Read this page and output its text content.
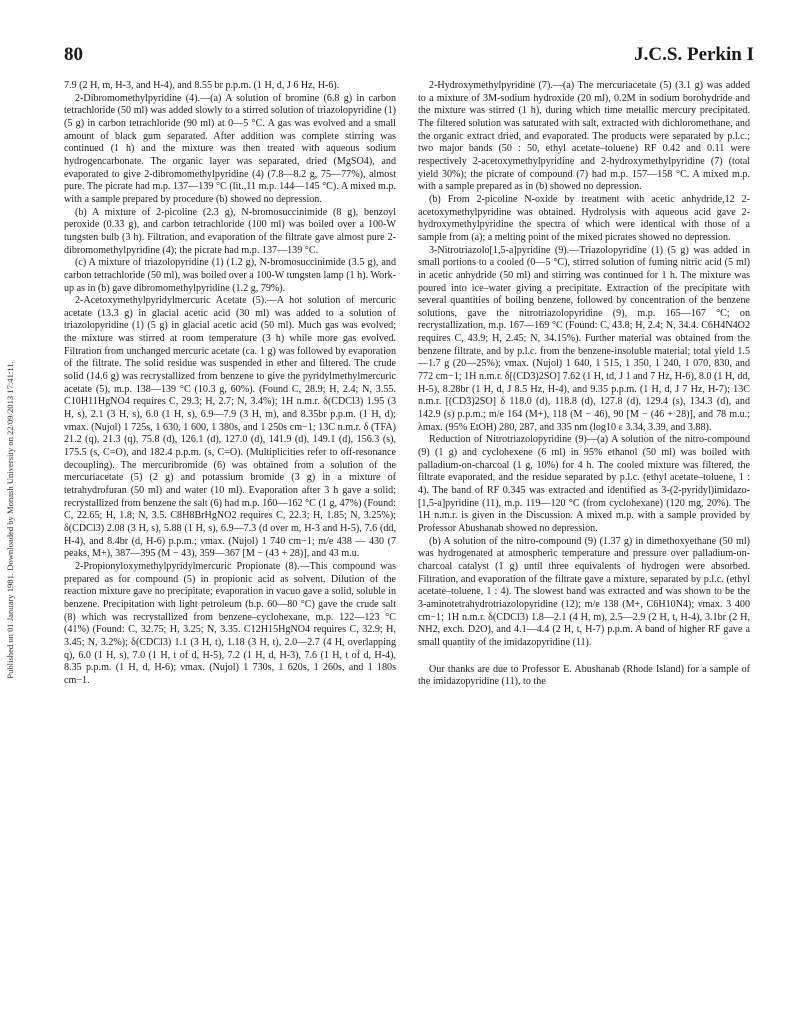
Published on 01 January 1981. Downloaded by Monash University on 22/09/2013 17:41:11.
80	J.C.S. Perkin I

7.9 (2 H, m, H-3, and H-4), and 8.55 br p.p.m. (1 H, d, J 6 Hz, H-6).

2-Dibromomethylpyridine (4).—(a) A solution of bromine (6.8 g) in carbon tetrachloride (50 ml) was added slowly to a stirred solution of triazolopyridine (1) (5 g) in carbon tetrachloride (90 ml) at 0—5 °C. A gas was evolved and a small amount of black gum separated. After addition was complete stirring was continued (1 h) and the mixture was then treated with aqueous sodium hydrogencarbonate. The organic layer was separated, dried (MgSO4), and evaporated to give 2-dibromomethylpyridine (4) (7.8—8.2 g, 75—77%), almost pure. The picrate had m.p. 137—139 °C (lit.,11 m.p. 144—145 °C). A mixed m.p. with a sample prepared by procedure (b) showed no depression.

(b) A mixture of 2-picoline (2.3 g), N-bromosuccinimide (8 g), benzoyl peroxide (0.33 g), and carbon tetrachloride (100 ml) was boiled over a 100-W tungsten bulb (3 h). Filtration, and evaporation of the filtrate gave almost pure 2-dibromomethylpyridine (4); the picrate had m.p. 137—139 °C.

(c) A mixture of triazolopyridine (1) (1.2 g), N-bromosuccinimide (3.5 g), and carbon tetrachloride (50 ml), was boiled over a 100-W tungsten lamp (1 h). Work-up as in (b) gave dibromomethylpyridine (1.2 g, 79%).

2-Acetoxymethylpyridylmercuric Acetate (5).—A hot solution of mercuric acetate (13.3 g) in glacial acetic acid (30 ml) was added to a solution of triazolopyridine (1) (5 g) in glacial acetic acid (50 ml). Much gas was evolved; the mixture was stirred at room temperature (3 h) while more gas evolved. Filtration from unchanged mercuric acetate (ca. 1 g) was followed by evaporation of the filtrate. The solid residue was suspended in ether and filtered. The crude solid (14.6 g) was recrystallized from benzene to give the pyridylmethylmercuric acetate (5), m.p. 138—139 °C (10.3 g, 60%). (Found C, 28.9; H, 2.4; N, 3.55. C10H11HgNO4 requires C, 29.3; H, 2.7; N, 3.4%); 1H n.m.r. δ(CDCl3) 1.95 (3 H, s), 2.1 (3 H, s), 6.0 (1 H, s), 6.9—7.9 (3 H, m), and 8.35br p.p.m. (1 H, d); νmax. (Nujol) 1 725s, 1 630, 1 600, 1 380s, and 1 250s cm−1; 13C n.m.r. δ (TFA) 21.2 (q), 21.3 (q), 75.8 (d), 126.1 (d), 127.0 (d), 141.9 (d), 149.1 (d), 156.3 (s), 175.5 (s, C=O), and 182.4 p.p.m. (s, C=O). (Multiplicities refer to off-resonance decoupling). The mercuribromide (6) was obtained from a solution of the mercuriacetate (5) (2 g) and potassium bromide (3 g) in a mixture of tetrahydrofuran (50 ml) and water (10 ml). Evaporation after 3 h gave a solid; recrystallized from benzene the salt (6) had m.p. 160—162 °C (1 g, 47%) (Found: C, 22.65; H, 1.8; N, 3.5. C8H8BrHgNO2 requires C, 22.3; H, 1.85; N, 3.25%); δ(CDCl3) 2.08 (3 H, s), 5.88 (1 H, s), 6.9—7.3 (d over m, H-3 and H-5), 7.6 (dd, H-4), and 8.4br (d, H-6) p.p.m.; νmax. (Nujol) 1 740 cm−1; m/e 438 — 430 (7 peaks, M+), 387—395 (M − 43), 359—367 [M − (43 + 28)], and 43 m.u.

2-Propionyloxymethylpyridylmercuric Propionate (8).—This compound was prepared as for compound (5) in propionic acid as solvent. Dilution of the reaction mixture gave no precipitate; evaporation in vacuo gave a solid, soluble in benzene. Precipitation with light petroleum (b.p. 60—80 °C) gave the crude salt (8) which was recrystallized from benzene–cyclohexane, m.p. 122—123 °C (41%) (Found: C, 32.75; H, 3.25; N, 3.35. C12H15HgNO4 requires C, 32.9; H, 3.45; N, 3.2%); δ(CDCl3) 1.1 (3 H, t), 1.18 (3 H, t), 2.0—2.7 (4 H, overlapping q), 6.0 (1 H, s), 7.0 (1 H, t of d, H-5), 7.2 (1 H, d, H-3), 7.6 (1 H, t of d, H-4), 8.35 p.p.m. (1 H, d, H-6); νmax. (Nujol) 1 730s, 1 620s, 1 260s, and 1 180s cm−1.

2-Hydroxymethylpyridine (7).—(a) The mercuriacetate (5) (3.1 g) was added to a mixture of 3M-sodium hydroxide (20 ml), 0.2M in sodium borohydride and the mixture was stirred (1 h), during which time metallic mercury precipitated. The filtered solution was saturated with salt, extracted with dichloromethane, and the organic extract dried, and evaporated. The products were separated by p.l.c.; two major bands (50 : 50, ethyl acetate–toluene) RF 0.42 and 0.11 were respectively 2-acetoxymethylpyridine and 2-hydroxymethylpyridine (7) (total yield 30%); the picrate of compound (7) had m.p. 157—158 °C. A mixed m.p. with a sample prepared as in (b) showed no depression.

(b) From 2-picoline N-oxide by treatment with acetic anhydride,12 2-acetoxymethylpyridine was obtained. Hydrolysis with aqueous acid gave 2-hydroxymethylpyridine the spectra of which were identical with those of a sample from (a); a melting point of the mixed picrates showed no depression.

3-Nitrotriazolo[1,5-a]pyridine (9).—Triazolopyridine (1) (5 g) was added in small portions to a cooled (0—5 °C), stirred solution of fuming nitric acid (5 ml) in acetic anhydride (50 ml) and stirring was continued for 1 h. The mixture was poured into ice–water giving a precipitate. Extraction of the precipitate with several quantities of boiling benzene, followed by concentration of the benzene solutions, gave the nitrotriazolopyridine (9), m.p. 165—167 °C; on recrystallization, m.p. 167—169 °C (Found: C, 43.8; H, 2.4; N, 34.4. C6H4N4O2 requires C, 43.9; H, 2.45; N, 34.15%). Further material was obtained from the benzene filtrate, and by p.l.c. from the benzene-insoluble material; total yield 1.5—1.7 g (20—25%); νmax. (Nujol) 1 640, 1 515, 1 350, 1 240, 1 070, 830, and 772 cm−1; 1H n.m.r. δ[(CD3)2SO] 7.62 (1 H, td, J 1 and 7 Hz, H-6), 8.0 (1 H, dd, H-5), 8.28br (1 H, d, J 8.5 Hz, H-4), and 9.35 p.p.m. (1 H, d, J 7 Hz, H-7); 13C n.m.r. [(CD3)2SO] δ 118.0 (d), 118.8 (d), 127.8 (d), 129.4 (s), 134.3 (d), and 142.9 (s) p.p.m.; m/e 164 (M+), 118 (M − 46), 90 [M − (46 + 28)], and 78 m.u.; λmax. (95% EtOH) 280, 287, and 335 nm (log10 ε 3.34, 3.39, and 3.88).

Reduction of Nitrotriazolopyridine (9)—(a) A solution of the nitro-compound (9) (1 g) and cyclohexene (6 ml) in 95% ethanol (50 ml) was boiled with palladium-on-charcoal (1 g, 10%) for 4 h. The cooled mixture was filtered, the filtrate evaporated, and the residue separated by p.l.c. (ethyl acetate–toluene, 1 : 4). The band of RF 0.345 was extracted and identified as 3-(2-pyridyl)imidazo-[1,5-a]pyridine (11), m.p. 119—120 °C (from cyclohexane) (120 mg, 20%). The 1H n.m.r. is given in the Discussion. A mixed m.p. with a sample provided by Professor Abushanab showed no depression.

(b) A solution of the nitro-compound (9) (1.37 g) in dimethoxyethane (50 ml) was hydrogenated at atmospheric temperature and pressure over palladium-on-charcoal catalyst (1 g) until three equivalents of hydrogen were absorbed. Filtration, and evaporation of the filtrate gave a mixture, separated by p.l.c. (ethyl acetate–toluene, 1 : 4). The slowest band was extracted and was shown to be the 3-aminotetrahydrotriazolopyridine (12); m/e 138 (M+, C6H10N4); νmax. 3 400 cm−1; 1H n.m.r. δ(CDCl3) 1.8—2.1 (4 H, m), 2.5—2.9 (2 H, t, H-4), 3.1br (2 H, NH2, exch. D2O), and 4.1—4.4 (2 H, t, H-7) p.p.m. A band of higher RF gave a small quantity of the imidazopyridine (11).

Our thanks are due to Professor E. Abushanab (Rhode Island) for a sample of the imidazopyridine (11), to the
